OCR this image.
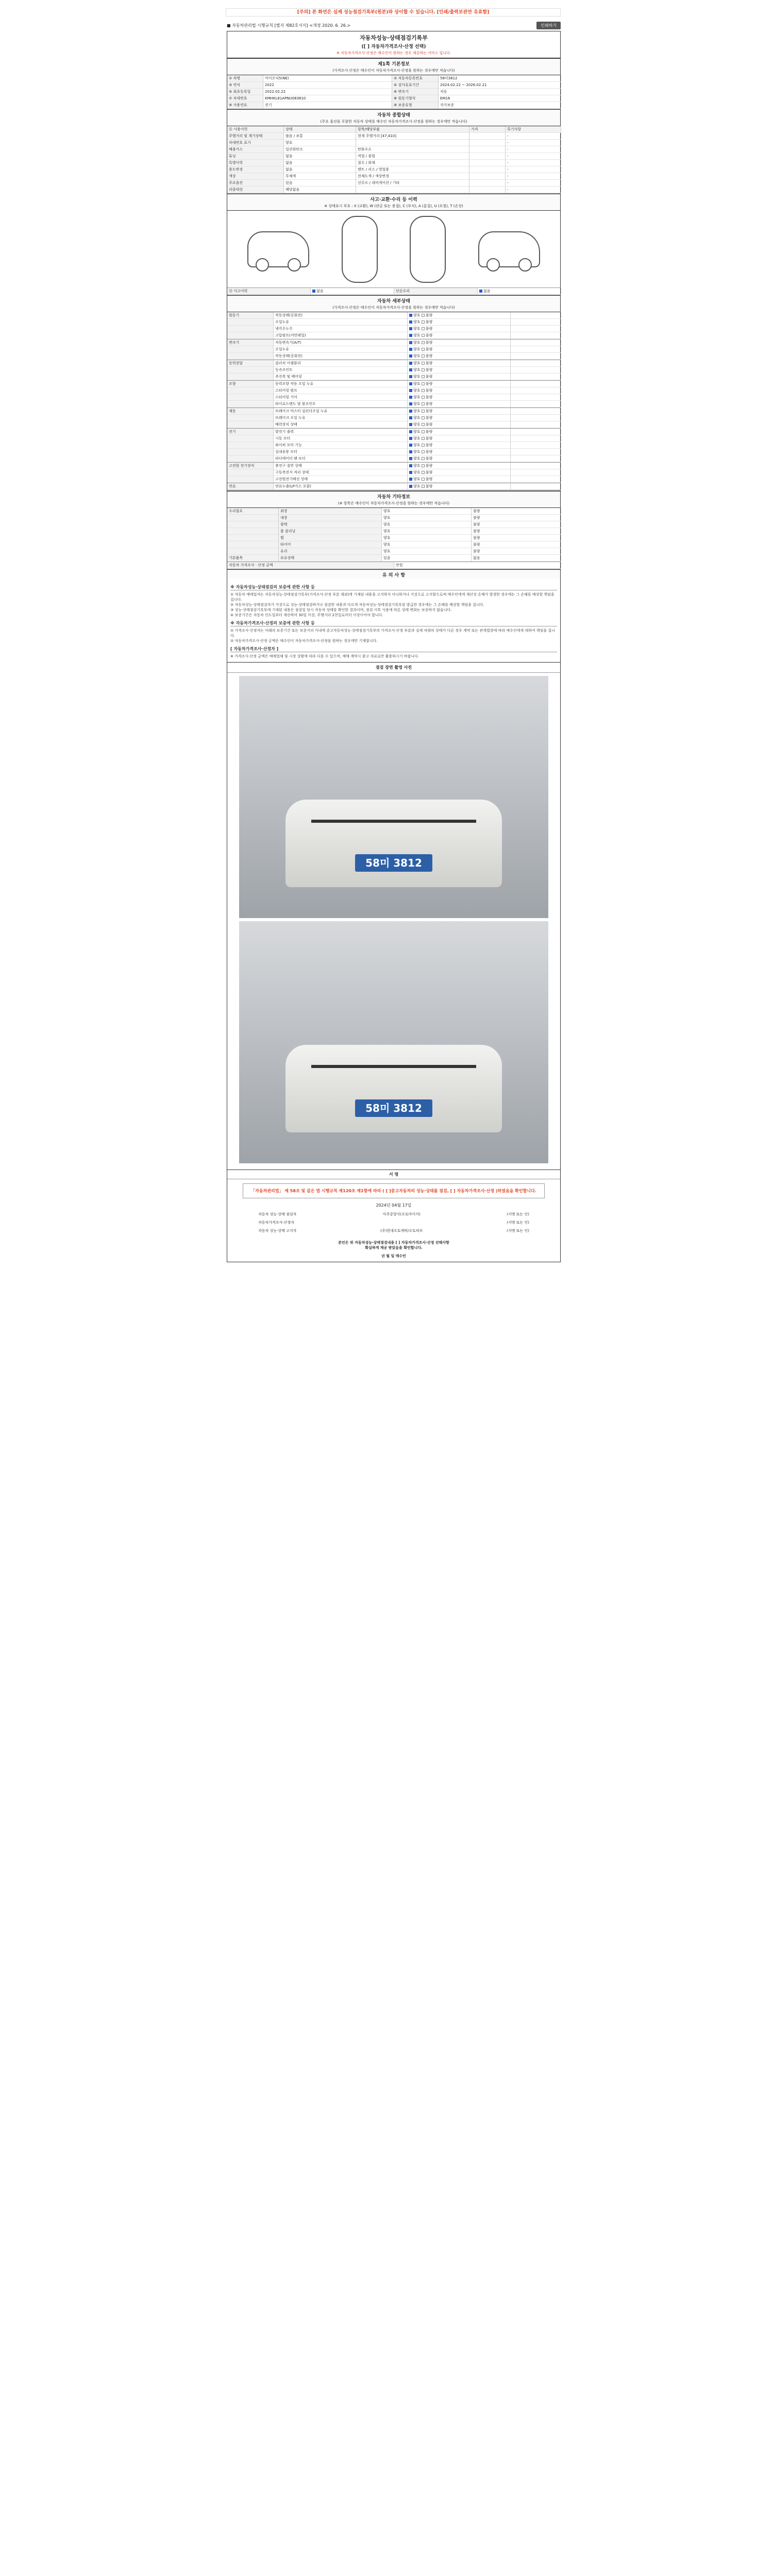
[주의] 본 화면은 실제 성능점검기록부(원본)와 상이할 수 있습니다. [인쇄/출력보관만 유효함]
■ 자동차관리법 시행규칙 [별지 제82호서식] <개정 2020. 6. 26.>	인쇄하기
자동차성능·상태점검기록부
([ ] 자동차가격조사·산정 선택)
※ 자동차가격조사·산정은 매수인이 원하는 경우 제공하는 서비스 입니다.
제1쪽 기본정보
(가격조사·산정은 매수인이 자동차가격조사·산정을 원하는 경우에만 적습니다)
① 차명	아이오닉5(NE)	② 자동차등록번호	58미3812
③ 연식	2022	④ 검사유효기간	2024.02.22 ~ 2026.02.21
⑤ 최초등록일	2022.02.22	⑥ 변속기	자동
⑦ 차대번호	KMHKL81APNU083610	⑧ 원동기형식	EM16
⑨ 사용연료	전기	⑩ 보증유형	자가보증
자동차 종합상태
(주요 옵션을 포함한 자동차 상태를 매수인 자동차가격조사·산정을 원하는 경우에만 적습니다)
⑪ 사용이력	상태	항목/해당부품	가격	특기사항
주행거리 및 계기상태	많음 / 보통	현재 주행거리 [47,410]	-
차대번호 표기	양호	-
배출가스	일산화탄소	탄화수소	-
튜닝	없음	적법 / 불법	-
특별이력	없음	침수 / 화재	-
용도변경	없음	렌트 / 리스 / 영업용	-
색상	무채색	전체도색 / 색상변경	-
주요옵션	있음	선루프 / 네비게이션 / 기타	-
리콜대상	해당없음	-
사고·교환·수리 등 이력
※ 상태표시 부호 : X (교환), W (판금 또는 용접), C (부식), A (흠집), U (요철), T (손상)
⑫ 사고이력	없음	단순수리	없음
자동차 세부상태
(가격조사·산정은 매수인이 자동차가격조사·산정을 원하는 경우에만 적습니다)
원동기	작동상태(공회전)	양호 불량
오일누유	양호 불량
냉각수누수	양호 불량
고압펌프(커먼레일)	양호 불량
변속기	자동변속기(A/T)	양호 불량
오일누유	양호 불량
작동상태(공회전)	양호 불량
동력전달	클러치 어셈블리	양호 불량
등속조인트	양호 불량
추진축 및 베어링	양호 불량
조향	동력조향 작동 오일 누유	양호 불량
스티어링 펌프	양호 불량
스티어링 기어	양호 불량
타이로드엔드 및 볼조인트	양호 불량
제동	브레이크 마스터 실린더오일 누유	양호 불량
브레이크 오일 누유	양호 불량
배력장치 상태	양호 불량
전기	발전기 출력	양호 불량
시동 모터	양호 불량
와이퍼 모터 기능	양호 불량
실내송풍 모터	양호 불량
라디에이터 팬 모터	양호 불량
고전원 전기장치	충전구 절연 상태	양호 불량
구동축전지 격리 상태	양호 불량
고전원전기배선 상태	양호 불량
연료	연료누출(LP가스 포함)	양호 불량
자동차 기타정보
(※ 항목은 매수인이 자동차가격조사·산정을 원하는 경우에만 적습니다)
수리필요	외장	양호	불량
내장	양호	불량
광택	양호	불량
룸 클리닝	양호	불량
휠	양호	불량
타이어	양호	불량
유리	양호	불량
기본품목	보유상태	있음	없음
자동차 가격조사 · 산정 금액	만원
유 의 사 항
※ 자동차성능·상태점검의 보증에 관한 사항 등

① 자동차 매매업자는 자동차성능·상태점검기록부(가격조사·산정 부분 제외)에 기재된 내용을 고지하지 아니하거나 거짓으로 고지함으로써 매수인에게 재산상 손해가 발생한 경우에는 그 손해를 배상할 책임을 집니다.

② 자동차성능·상태점검자가 거짓으로 성능·상태점검하거나 점검한 내용과 다르게 자동차성능·상태점검기록부를 발급한 경우에는 그 손해를 배상할 책임을 집니다.

③ 성능·상태점검기록부에 기재된 내용은 점검일 당시 자동차 상태를 확인한 결과이며, 점검 이후 사용에 따른 상태 변화는 보증하지 않습니다.

④ 보증기간은 자동차 인도일부터 계산하여 30일 이상, 주행거리 2천킬로미터 이상이어야 합니다.

※ 자동차가격조사·산정의 보증에 관한 사항 등

① 가격조사·산정자는 아래의 보증기간 또는 보증거리 이내에 중고자동차성능·상태점검기록부의 가격조사·산정 부분과 실제 차량의 상태가 다른 경우 계약 또는 관계법령에 따라 매수인에게 대하여 책임을 집니다.

② 자동차가격조사·산정 금액은 매수인이 자동차가격조사·산정을 원하는 경우에만 기재합니다.

[ 자동차가격조사·산정자 ]

※ 가격조사·산정 금액은 매매업체 및 시장 상황에 따라 다를 수 있으며, 매매 계약시 참고 자료로만 활용하시기 바랍니다.

점검 장면 촬영 사진
58미 3812
58미 3812
서 명
「자동차관리법」 제 58조 및 같은 법 시행규칙 제120조 제1항에 따라 ( [ ]중고자동차의 성능·상태를 점검, [ ] 자동차가격조사·산정 )하였음을 확인합니다.
2024년 04월 17일
자동차 성능·상태 점검자	아주중앙사(오토마이카)	(서명 또는 인)
자동차가격조사·산정자	(서명 또는 인)
자동차 성능·상태 고지자	(주)현대오토에버/오토허브	(서명 또는 인)
본인은 위 자동차성능·상태점검내용 [ ] 자동차가격조사·산정 선택사항
확실하게 제공 받았음을 확인합니다.
년 월 일 매수인
